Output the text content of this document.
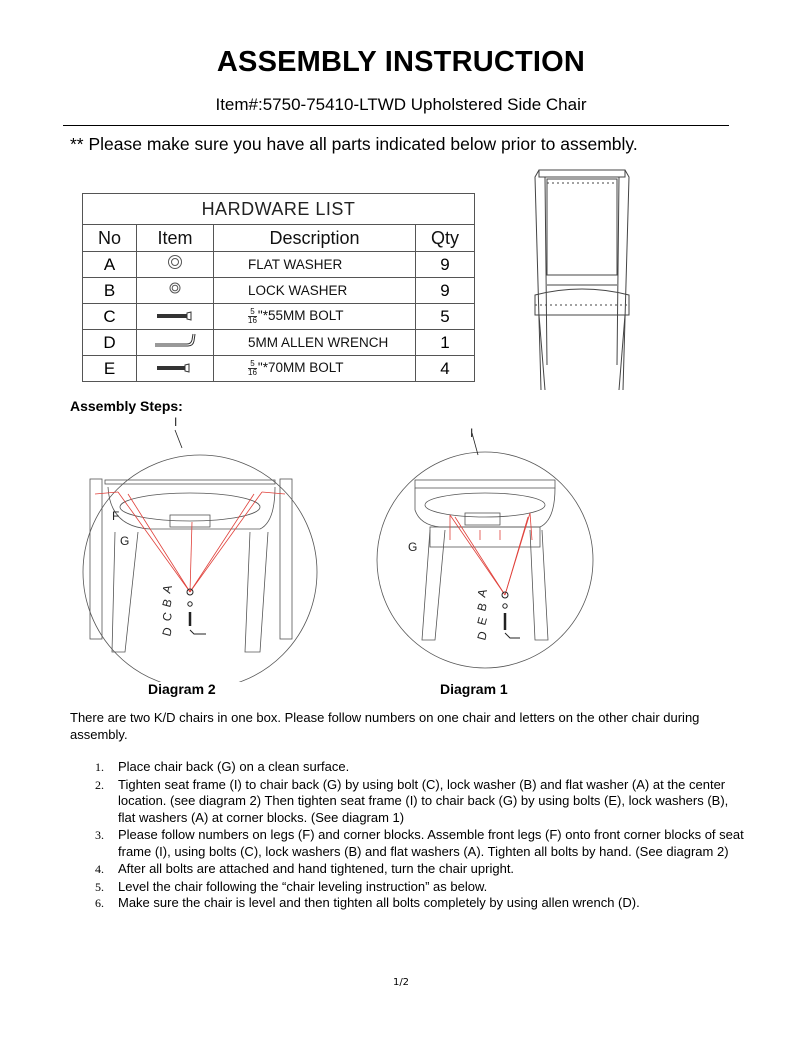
ASSEMBLY INSTRUCTION
Item#:5750-75410-LTWD Upholstered Side Chair
** Please make sure you have all parts indicated below prior to assembly.
HARDWARE LIST			
No	Item	Description	Qty
A		FLAT WASHER	9
B		LOCK WASHER	9
C		$\frac{5}{16}$ "*55MM BOLT	5
D		5MM ALLEN WRENCH	1
E		$\frac{5}{16}$ "*70MM BOLT	4
Assembly Steps:
F
G
I
A
B
C
D
I
G
A
B
E
D
Diagram 2	Diagram 1
There are two K/D chairs in one box. Please follow numbers on one chair and letters on the other chair during assembly.
1. Place chair back (G) on a clean surface.
2. Tighten seat frame (I) to chair back (G) by using bolt (C), lock washer (B) and flat washer (A) at the center location. (see diagram 2) Then tighten seat frame (I) to chair back (G) by using bolts (E), lock washers (B), flat washers (A) at corner blocks. (See diagram 1)
3. Please follow numbers on legs (F) and corner blocks. Assemble front legs (F) onto front corner blocks of seat frame (I), using bolts (C), lock washers (B) and flat washers (A). Tighten all bolts by hand. (See diagram 2)
4. After all bolts are attached and hand tightened, turn the chair upright.
5. Level the chair following the “chair leveling instruction” as below.
6. Make sure the chair is level and then tighten all bolts completely by using allen wrench (D).
1/2
